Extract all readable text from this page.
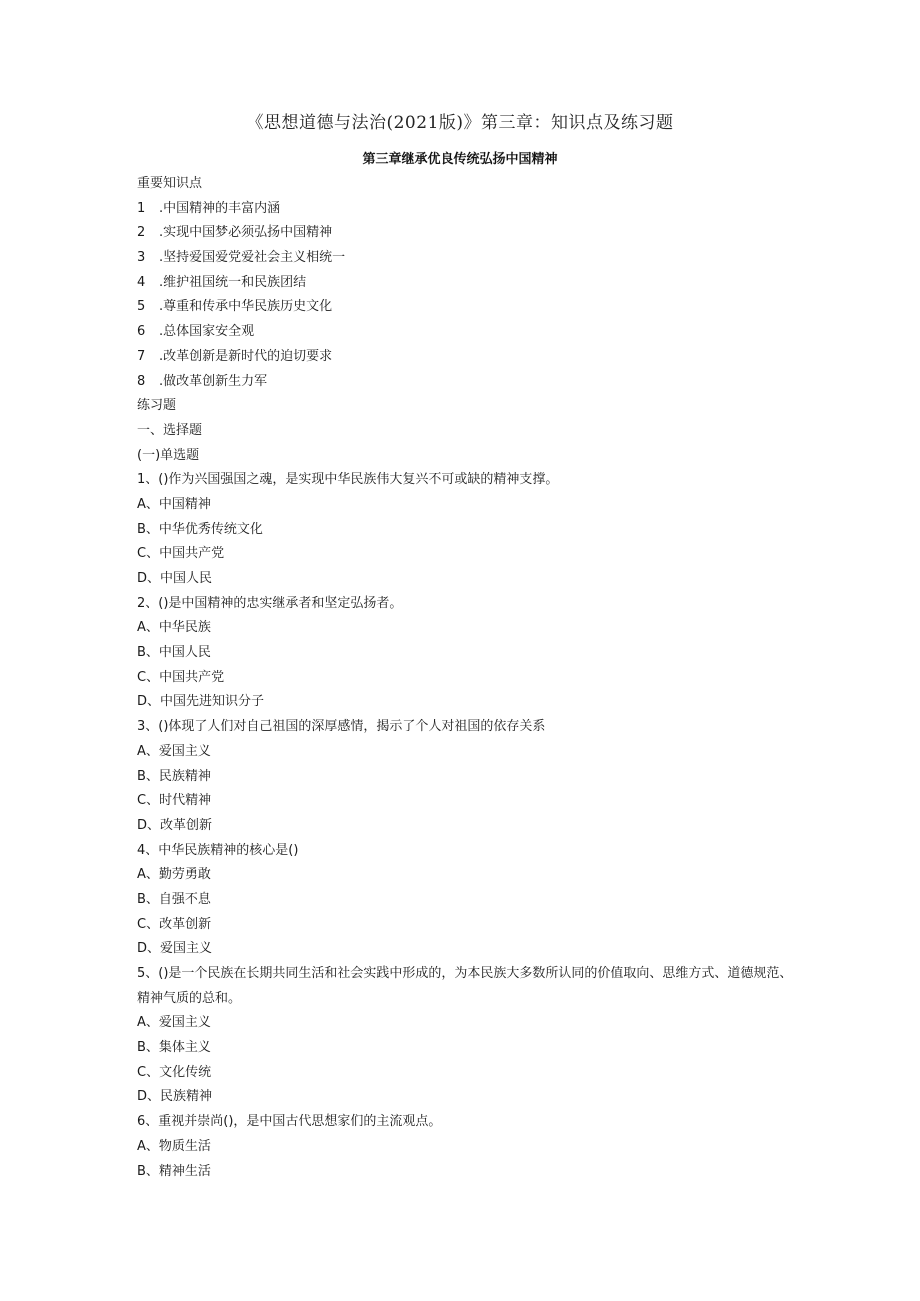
《思想道德与法治(2021版)》第三章：知识点及练习题
第三章继承优良传统弘扬中国精神
重要知识点
1 .中国精神的丰富内涵
2 .实现中国梦必须弘扬中国精神
3 .坚持爱国爱党爱社会主义相统一
4 .维护祖国统一和民族团结
5 .尊重和传承中华民族历史文化
6 .总体国家安全观
7 .改革创新是新时代的迫切要求
8 .做改革创新生力军
练习题
一、选择题
(一)单选题
1、()作为兴国强国之魂，是实现中华民族伟大复兴不可或缺的精神支撑。
A、中国精神
B、中华优秀传统文化
C、中国共产党
D、中国人民
2、()是中国精神的忠实继承者和坚定弘扬者。
A、中华民族
B、中国人民
C、中国共产党
D、中国先进知识分子
3、()体现了人们对自己祖国的深厚感情，揭示了个人对祖国的依存关系
A、爱国主义
B、民族精神
C、时代精神
D、改革创新
4、中华民族精神的核心是()
A、勤劳勇敢
B、自强不息
C、改革创新
D、爱国主义
5、()是一个民族在长期共同生活和社会实践中形成的，为本民族大多数所认同的价值取向、思维方式、道德规范、精神气质的总和。
A、爱国主义
B、集体主义
C、文化传统
D、民族精神
6、重视并崇尚()，是中国古代思想家们的主流观点。
A、物质生活
B、精神生活
